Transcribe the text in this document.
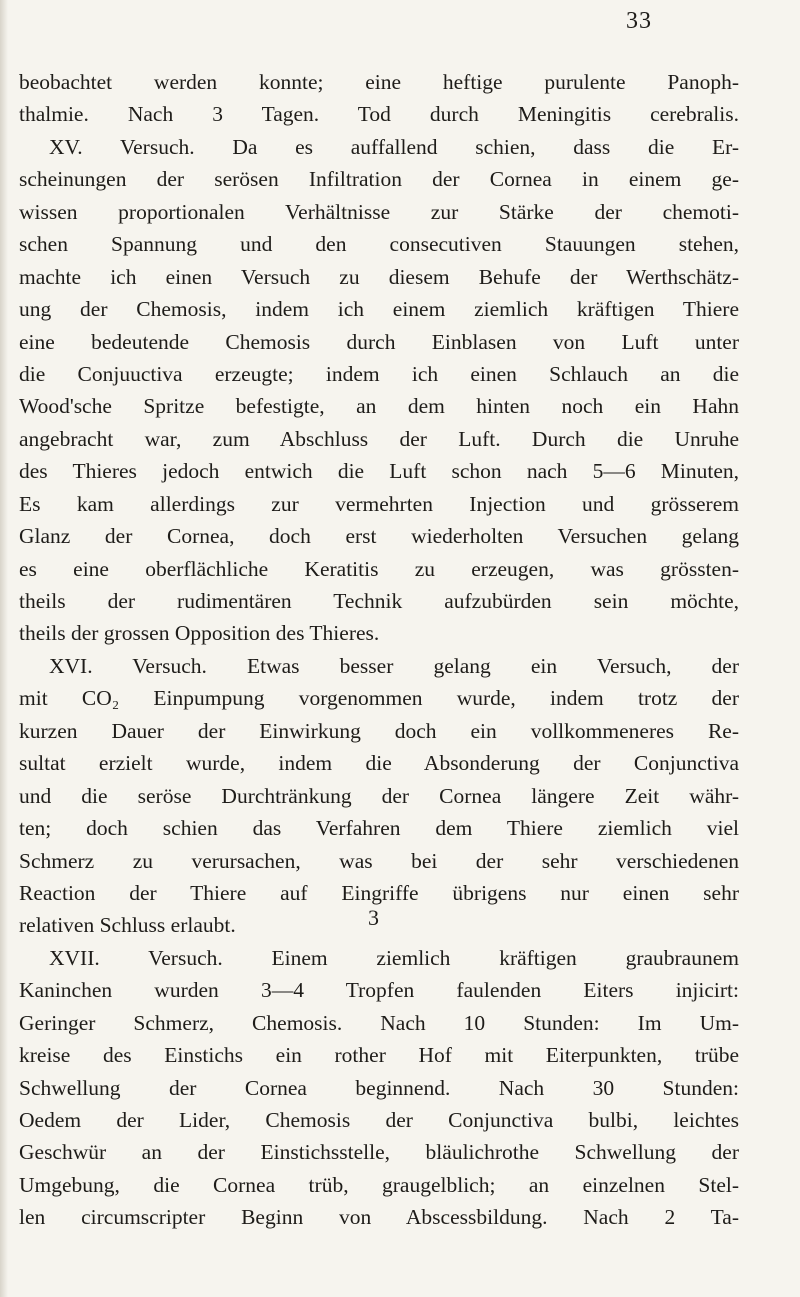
33
beobachtet werden konnte; eine heftige purulente Panoph-
thalmie. Nach 3 Tagen. Tod durch Meningitis cerebralis.
XV. Versuch. Da es auffallend schien, dass die Er-
scheinungen der serösen Infiltration der Cornea in einem ge-
wissen proportionalen Verhältnisse zur Stärke der chemoti-
schen Spannung und den consecutiven Stauungen stehen,
machte ich einen Versuch zu diesem Behufe der Werthschätz-
ung der Chemosis, indem ich einem ziemlich kräftigen Thiere
eine bedeutende Chemosis durch Einblasen von Luft unter
die Conjuuctiva erzeugte; indem ich einen Schlauch an die
Wood'sche Spritze befestigte, an dem hinten noch ein Hahn
angebracht war, zum Abschluss der Luft. Durch die Unruhe
des Thieres jedoch entwich die Luft schon nach 5—6 Minuten,
Es kam allerdings zur vermehrten Injection und grösserem
Glanz der Cornea, doch erst wiederholten Versuchen gelang
es eine oberflächliche Keratitis zu erzeugen, was grössten-
theils der rudimentären Technik aufzubürden sein möchte,
theils der grossen Opposition des Thieres.
XVI. Versuch. Etwas besser gelang ein Versuch, der
mit CO₂ Einpumpung vorgenommen wurde, indem trotz der
kurzen Dauer der Einwirkung doch ein vollkommeneres Re-
sultat erzielt wurde, indem die Absonderung der Conjunctiva
und die seröse Durchtränkung der Cornea längere Zeit währ-
ten; doch schien das Verfahren dem Thiere ziemlich viel
Schmerz zu verursachen, was bei der sehr verschiedenen
Reaction der Thiere auf Eingriffe übrigens nur einen sehr
relativen Schluss erlaubt.
XVII. Versuch. Einem ziemlich kräftigen graubraunem
Kaninchen wurden 3—4 Tropfen faulenden Eiters injicirt:
Geringer Schmerz, Chemosis. Nach 10 Stunden: Im Um-
kreise des Einstichs ein rother Hof mit Eiterpunkten, trübe
Schwellung der Cornea beginnend. Nach 30 Stunden:
Oedem der Lider, Chemosis der Conjunctiva bulbi, leichtes
Geschwür an der Einstichsstelle, bläulichrothe Schwellung der
Umgebung, die Cornea trüb, graugelblich; an einzelnen Stel-
len circumscripter Beginn von Abscessbildung. Nach 2 Ta-
3
